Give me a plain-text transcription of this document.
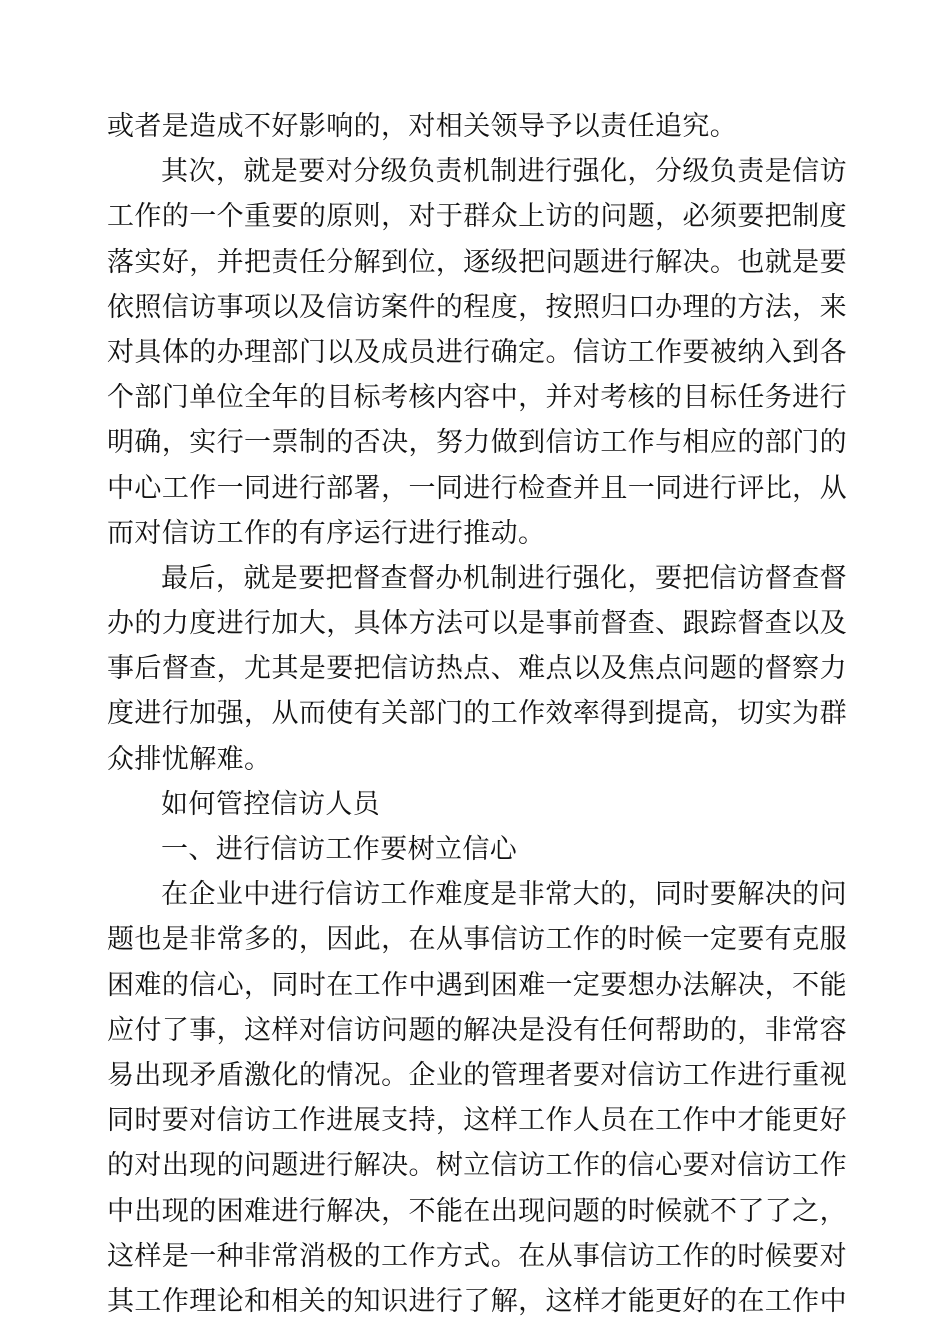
或者是造成不好影响的，对相关领导予以责任追究。
其次，就是要对分级负责机制进行强化，分级负责是信访
工作的一个重要的原则，对于群众上访的问题，必须要把制度
落实好，并把责任分解到位，逐级把问题进行解决。也就是要
依照信访事项以及信访案件的程度，按照归口办理的方法，来
对具体的办理部门以及成员进行确定。信访工作要被纳入到各
个部门单位全年的目标考核内容中，并对考核的目标任务进行
明确，实行一票制的否决，努力做到信访工作与相应的部门的
中心工作一同进行部署，一同进行检查并且一同进行评比，从
而对信访工作的有序运行进行推动。
最后，就是要把督查督办机制进行强化，要把信访督查督
办的力度进行加大，具体方法可以是事前督查、跟踪督查以及
事后督查，尤其是要把信访热点、难点以及焦点问题的督察力
度进行加强，从而使有关部门的工作效率得到提高，切实为群
众排忧解难。
如何管控信访人员
一、进行信访工作要树立信心
在企业中进行信访工作难度是非常大的，同时要解决的问
题也是非常多的，因此，在从事信访工作的时候一定要有克服
困难的信心，同时在工作中遇到困难一定要想办法解决，不能
应付了事，这样对信访问题的解决是没有任何帮助的，非常容
易出现矛盾激化的情况。企业的管理者要对信访工作进行重视
同时要对信访工作进展支持，这样工作人员在工作中才能更好
的对出现的问题进行解决。树立信访工作的信心要对信访工作
中出现的困难进行解决，不能在出现问题的时候就不了了之，
这样是一种非常消极的工作方式。在从事信访工作的时候要对
其工作理论和相关的知识进行了解，这样才能更好的在工作中
